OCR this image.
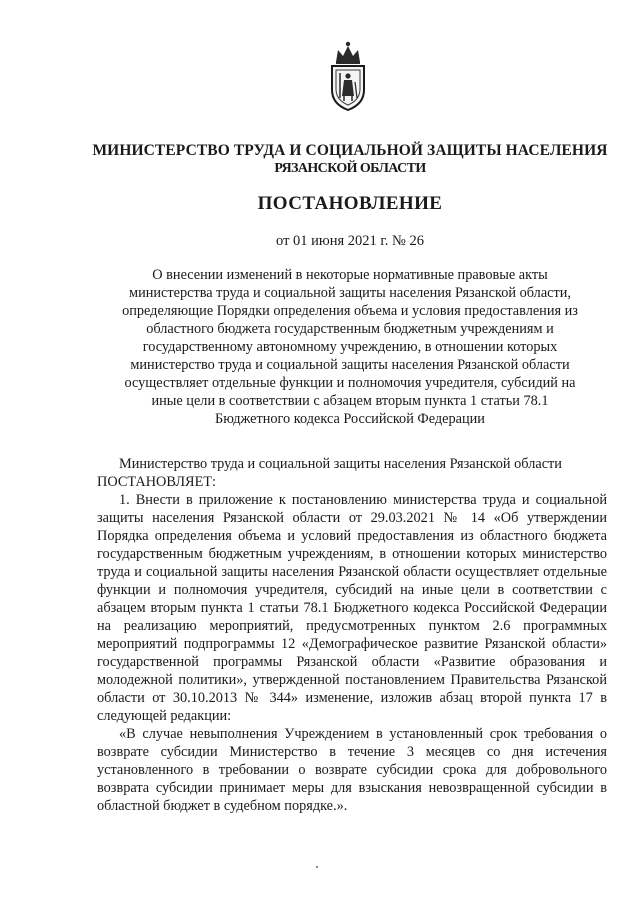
МИНИСТЕРСТВО ТРУДА И СОЦИАЛЬНОЙ ЗАЩИТЫ НАСЕЛЕНИЯ
РЯЗАНСКОЙ ОБЛАСТИ
ПОСТАНОВЛЕНИЕ
от 01 июня 2021 г. № 26
О внесении изменений в некоторые нормативные правовые акты министерства труда и социальной защиты населения Рязанской области, определяющие Порядки определения объема и условия предоставления из областного бюджета государственным бюджетным учреждениям и государственному автономному учреждению, в отношении которых министерство труда и социальной защиты населения Рязанской области осуществляет отдельные функции и полномочия учредителя, субсидий на иные цели в соответствии с абзацем вторым пункта 1 статьи 78.1 Бюджетного кодекса Российской Федерации

Министерство труда и социальной защиты населения Рязанской области

ПОСТАНОВЛЯЕТ:

1. Внести в приложение к постановлению министерства труда и социальной защиты населения Рязанской области от 29.03.2021 № 14 «Об утверждении Порядка определения объема и условий предоставления из областного бюджета государственным бюджетным учреждениям, в отношении которых министерство труда и социальной защиты населения Рязанской области осуществляет отдельные функции и полномочия учредителя, субсидий на иные цели в соответствии с абзацем вторым пункта 1 статьи 78.1 Бюджетного кодекса Российской Федерации на реализацию мероприятий, предусмотренных пунктом 2.6 программных мероприятий подпрограммы 12 «Демографическое развитие Рязанской области» государственной программы Рязанской области «Развитие образования и молодежной политики», утвержденной постановлением Правительства Рязанской области от 30.10.2013 № 344» изменение, изложив абзац второй пункта 17 в следующей редакции:

«В случае невыполнения Учреждением в установленный срок требования о возврате субсидии Министерство в течение 3 месяцев со дня истечения установленного в требовании о возврате субсидии срока для добровольного возврата субсидии принимает меры для взыскания невозвращенной субсидии в областной бюджет в судебном порядке.».
